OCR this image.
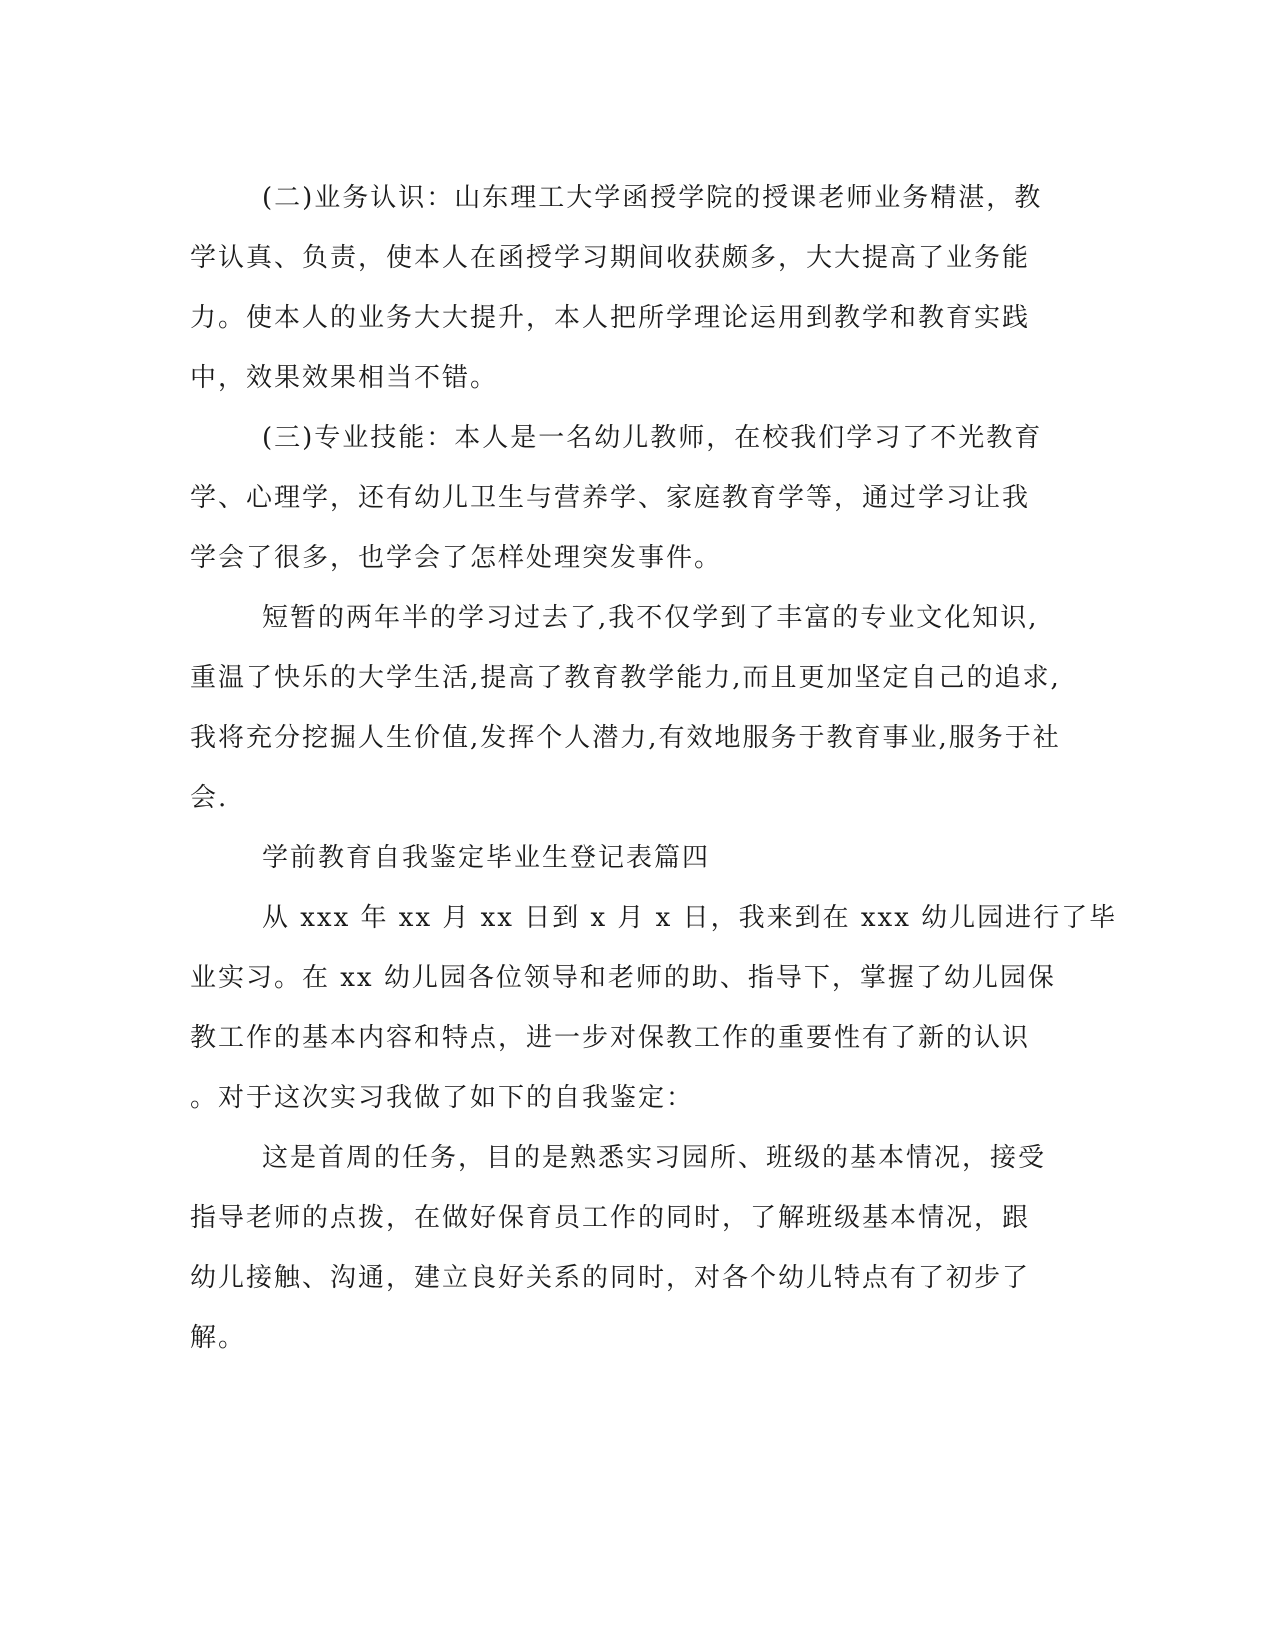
(二)业务认识：山东理工大学函授学院的授课老师业务精湛，教
学认真、负责，使本人在函授学习期间收获颇多，大大提高了业务能
力。使本人的业务大大提升，本人把所学理论运用到教学和教育实践
中，效果效果相当不错。
(三)专业技能：本人是一名幼儿教师，在校我们学习了不光教育
学、心理学，还有幼儿卫生与营养学、家庭教育学等，通过学习让我
学会了很多，也学会了怎样处理突发事件。
短暂的两年半的学习过去了,我不仅学到了丰富的专业文化知识,
重温了快乐的大学生活,提高了教育教学能力,而且更加坚定自己的追求,
我将充分挖掘人生价值,发挥个人潜力,有效地服务于教育事业,服务于社
会.
学前教育自我鉴定毕业生登记表篇四
从 xxx 年 xx 月 xx 日到 x 月 x 日，我来到在 xxx 幼儿园进行了毕
业实习。在 xx 幼儿园各位领导和老师的助、指导下，掌握了幼儿园保
教工作的基本内容和特点，进一步对保教工作的重要性有了新的认识
。对于这次实习我做了如下的自我鉴定：
这是首周的任务，目的是熟悉实习园所、班级的基本情况，接受
指导老师的点拨，在做好保育员工作的同时，了解班级基本情况，跟
幼儿接触、沟通，建立良好关系的同时，对各个幼儿特点有了初步了
解。
